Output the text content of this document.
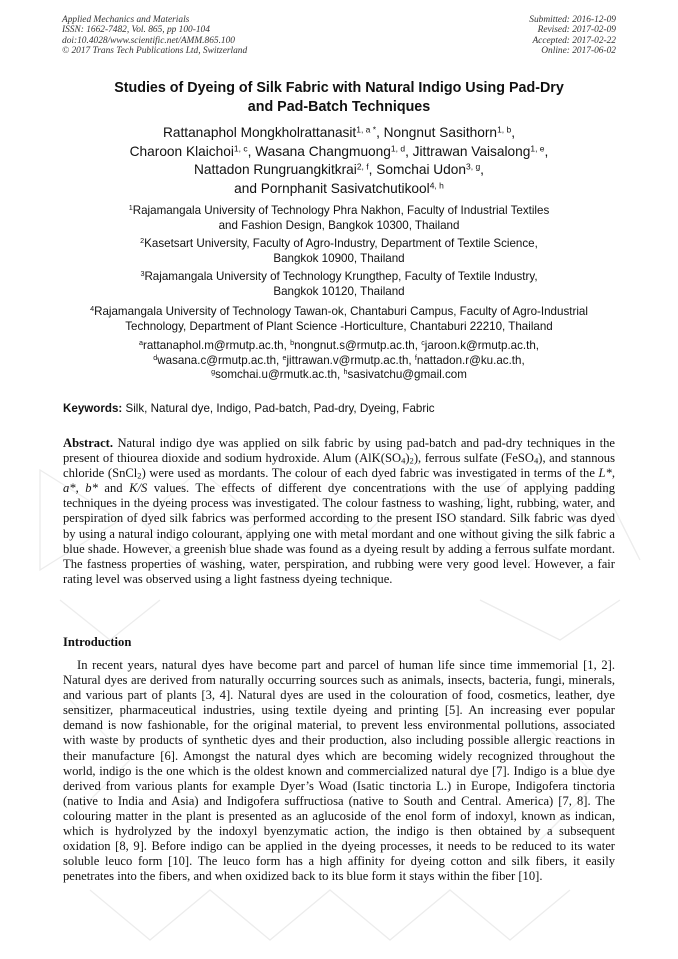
Applied Mechanics and Materials
ISSN: 1662-7482, Vol. 865, pp 100-104
doi:10.4028/www.scientific.net/AMM.865.100
© 2017 Trans Tech Publications Ltd, Switzerland
Submitted: 2016-12-09
Revised: 2017-02-09
Accepted: 2017-02-22
Online: 2017-06-02
Studies of Dyeing of Silk Fabric with Natural Indigo Using Pad-Dry
and Pad-Batch Techniques
Rattanaphol Mongkholrattanasit$^{1, a *}$, Nongnut Sasithorn$^{1, b}$,
Charoon Klaichoi$^{1, c}$, Wasana Changmuong$^{1, d}$, Jittrawan Vaisalong$^{1, e}$,
Nattadon Rungruangkitkrai$^{2, f}$, Somchai Udon$^{3, g}$,
and Pornphanit Sasivatchutikool$^{4, h}$
$^1$Rajamangala University of Technology Phra Nakhon, Faculty of Industrial Textiles
and Fashion Design, Bangkok 10300, Thailand
$^2$Kasetsart University, Faculty of Agro-Industry, Department of Textile Science,
Bangkok 10900, Thailand
$^3$Rajamangala University of Technology Krungthep, Faculty of Textile Industry,
Bangkok 10120, Thailand
$^4$Rajamangala University of Technology Tawan-ok, Chantaburi Campus, Faculty of Agro-Industrial
Technology, Department of Plant Science -Horticulture, Chantaburi 22210, Thailand
$^a$rattanaphol.m@rmutp.ac.th, $^b$nongnut.s@rmutp.ac.th, $^c$jaroon.k@rmutp.ac.th,
$^d$wasana.c@rmutp.ac.th, $^e$jittrawan.v@rmutp.ac.th, $^f$nattadon.r@ku.ac.th,
$^g$somchai.u@rmutk.ac.th, $^h$sasivatchu@gmail.com
Keywords: Silk, Natural dye, Indigo, Pad-batch, Pad-dry, Dyeing, Fabric
Abstract. Natural indigo dye was applied on silk fabric by using pad-batch and pad-dry techniques in the present of thiourea dioxide and sodium hydroxide. Alum $(AlK(SO_4)_2)$, ferrous sulfate (FeSO$_4$), and stannous chloride (SnCl$_2$) were used as mordants. The colour of each dyed fabric was investigated in terms of the L*, a*, b* and K/S values. The effects of different dye concentrations with the use of applying padding techniques in the dyeing process was investigated. The colour fastness to washing, light, rubbing, water, and perspiration of dyed silk fabrics was performed according to the present ISO standard. Silk fabric was dyed by using a natural indigo colourant, applying one with metal mordant and one without giving the silk fabric a blue shade. However, a greenish blue shade was found as a dyeing result by adding a ferrous sulfate mordant. The fastness properties of washing, water, perspiration, and rubbing were very good level. However, a fair rating level was observed using a light fastness dyeing technique.
Introduction
In recent years, natural dyes have become part and parcel of human life since time immemorial [1, 2]. Natural dyes are derived from naturally occurring sources such as animals, insects, bacteria, fungi, minerals, and various part of plants [3, 4]. Natural dyes are used in the colouration of food, cosmetics, leather, dye sensitizer, pharmaceutical industries, using textile dyeing and printing [5]. An increasing ever popular demand is now fashionable, for the original material, to prevent less environmental pollutions, associated with waste by products of synthetic dyes and their production, also including possible allergic reactions in their manufacture [6]. Amongst the natural dyes which are becoming widely recognized throughout the world, indigo is the one which is the oldest known and commercialized natural dye [7]. Indigo is a blue dye derived from various plants for example Dyer’s Woad (Isatic tinctoria L.) in Europe, Indigofera tinctoria (native to India and Asia) and Indigofera suffructiosa (native to South and Central. America) [7, 8]. The colouring matter in the plant is presented as an aglucoside of the enol form of indoxyl, known as indican, which is hydrolyzed by the indoxyl byenzymatic action, the indigo is then obtained by a subsequent oxidation [8, 9]. Before indigo can be applied in the dyeing processes, it needs to be reduced to its water soluble leuco form [10]. The leuco form has a high affinity for dyeing cotton and silk fibers, it easily penetrates into the fibers, and when oxidized back to its blue form it stays within the fiber [10].
